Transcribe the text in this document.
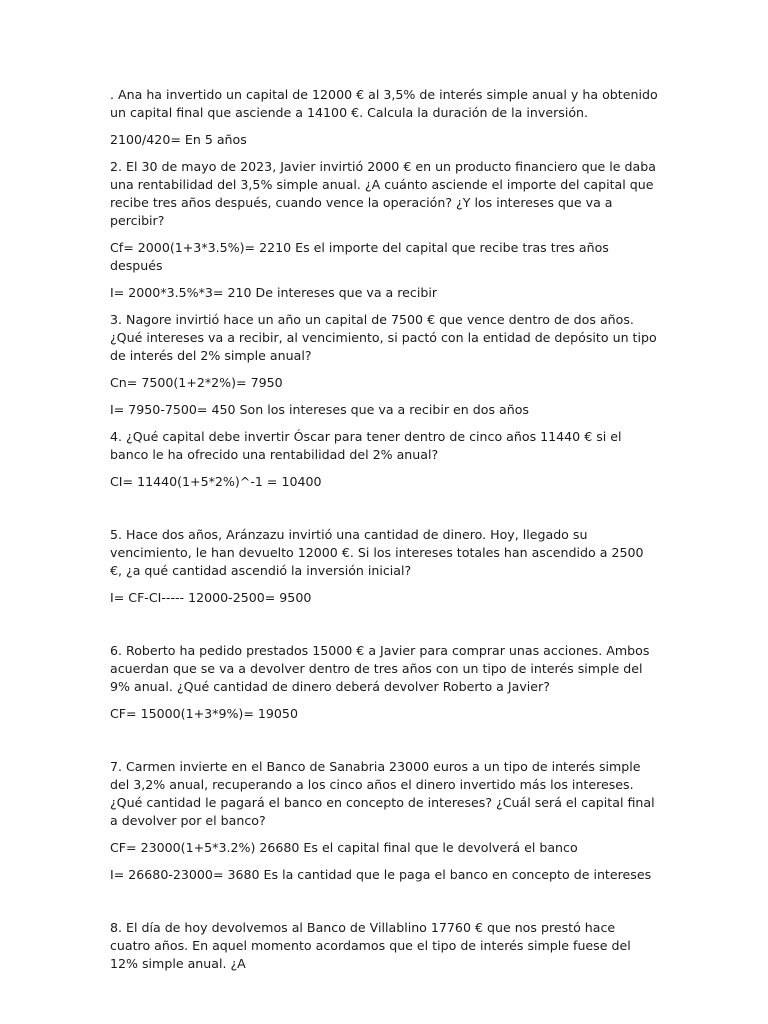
. Ana ha invertido un capital de 12000 € al 3,5% de interés simple anual y ha obtenido un capital final que asciende a 14100 €. Calcula la duración de la inversión.

2100/420= En 5 años

2. El 30 de mayo de 2023, Javier invirtió 2000 € en un producto financiero que le daba una rentabilidad del 3,5% simple anual. ¿A cuánto asciende el importe del capital que recibe tres años después, cuando vence la operación? ¿Y los intereses que va a percibir?

Cf= 2000(1+3*3.5%)= 2210 Es el importe del capital que recibe tras tres años después

I= 2000*3.5%*3= 210 De intereses que va a recibir

3. Nagore invirtió hace un año un capital de 7500 € que vence dentro de dos años. ¿Qué intereses va a recibir, al vencimiento, si pactó con la entidad de depósito un tipo de interés del 2% simple anual?

Cn= 7500(1+2*2%)= 7950

I= 7950-7500= 450 Son los intereses que va a recibir en dos años

4. ¿Qué capital debe invertir Óscar para tener dentro de cinco años 11440 € si el banco le ha ofrecido una rentabilidad del 2% anual?

CI= 11440(1+5*2%)^-1 = 10400

5. Hace dos años, Aránzazu invirtió una cantidad de dinero. Hoy, llegado su vencimiento, le han devuelto 12000 €. Si los intereses totales han ascendido a 2500 €, ¿a qué cantidad ascendió la inversión inicial?

I= CF-CI----- 12000-2500= 9500

6. Roberto ha pedido prestados 15000 € a Javier para comprar unas acciones. Ambos acuerdan que se va a devolver dentro de tres años con un tipo de interés simple del 9% anual. ¿Qué cantidad de dinero deberá devolver Roberto a Javier?

CF= 15000(1+3*9%)= 19050

7. Carmen invierte en el Banco de Sanabria 23000 euros a un tipo de interés simple del 3,2% anual, recuperando a los cinco años el dinero invertido más los intereses. ¿Qué cantidad le pagará el banco en concepto de intereses? ¿Cuál será el capital final a devolver por el banco?

CF= 23000(1+5*3.2%) 26680 Es el capital final que le devolverá el banco

I= 26680-23000= 3680 Es la cantidad que le paga el banco en concepto de intereses

8. El día de hoy devolvemos al Banco de Villablino 17760 € que nos prestó hace cuatro años. En aquel momento acordamos que el tipo de interés simple fuese del 12% simple anual. ¿A
